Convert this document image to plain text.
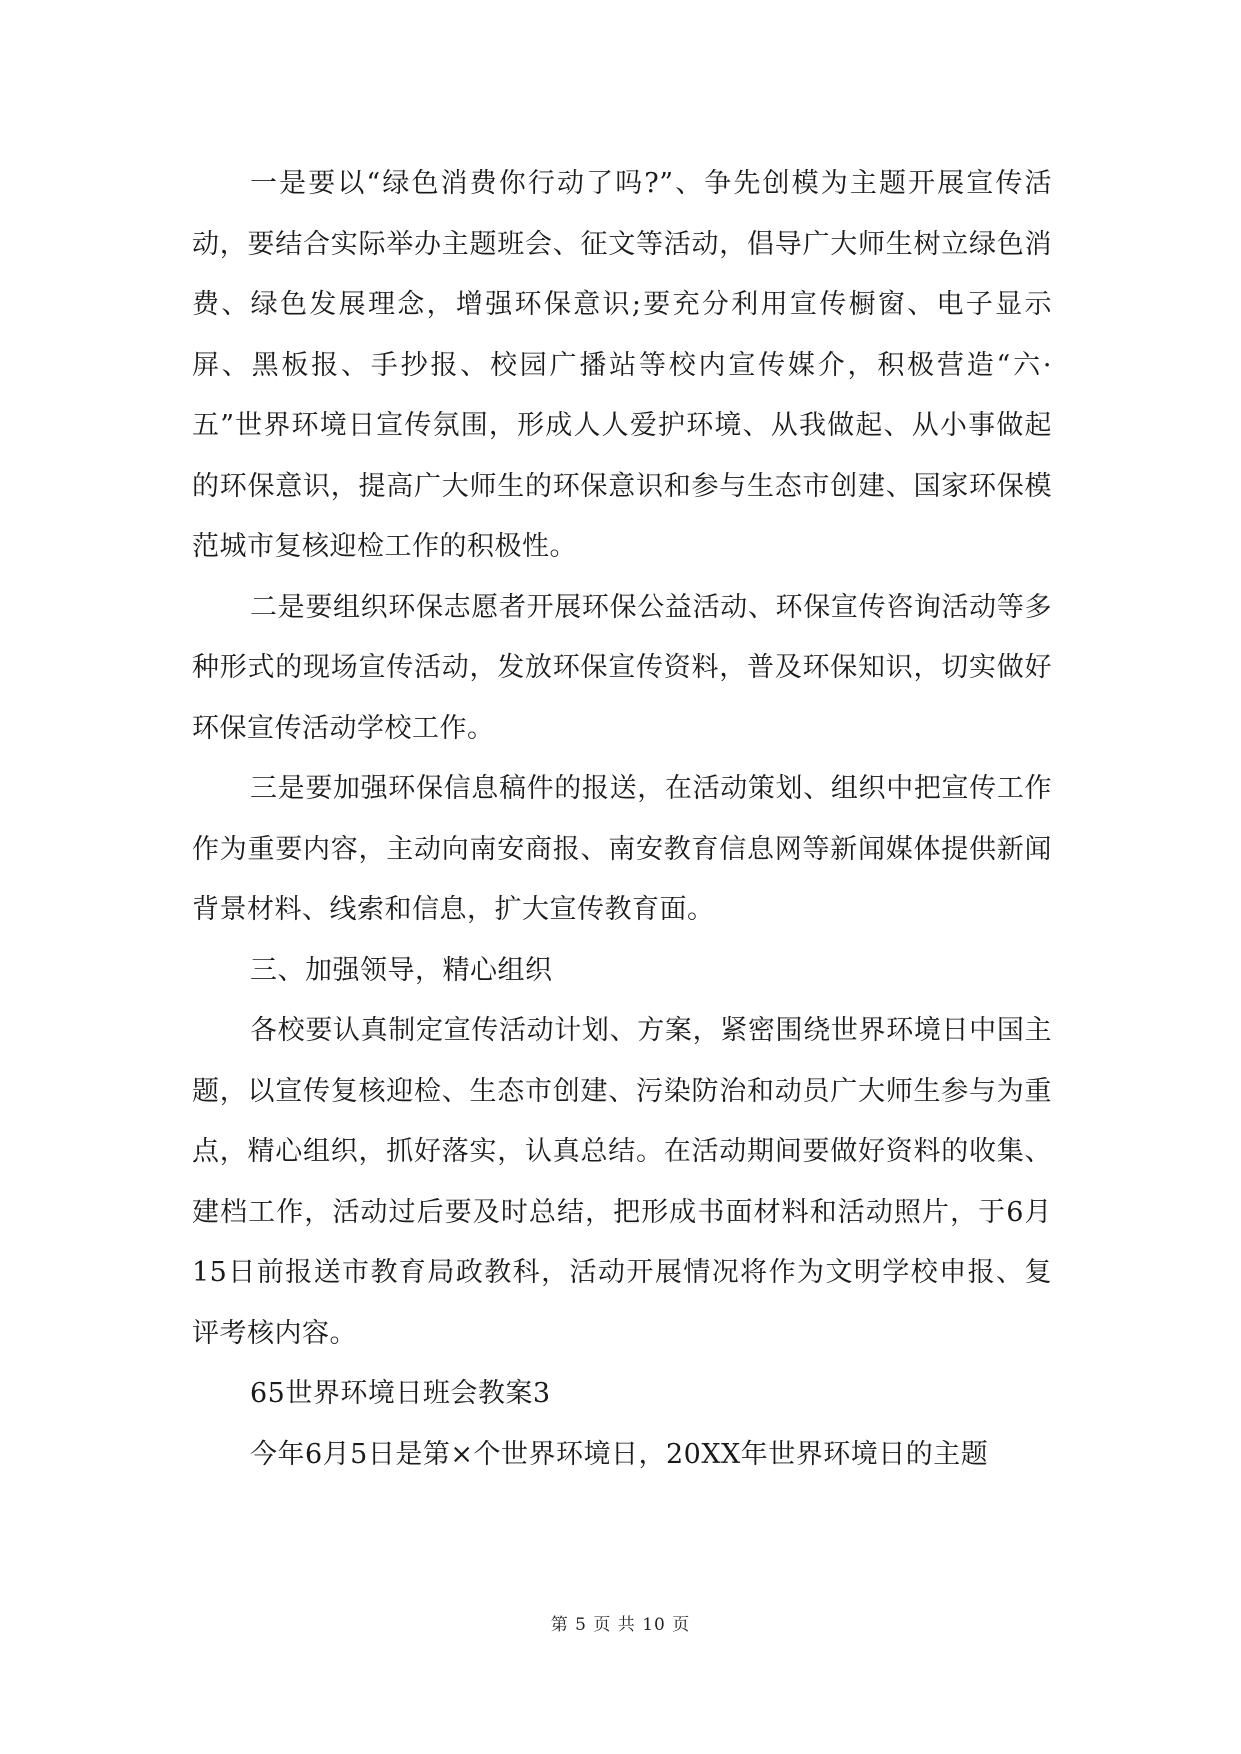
一是要以“绿色消费你行动了吗?”、争先创模为主题开展宣传活动，要结合实际举办主题班会、征文等活动，倡导广大师生树立绿色消费、绿色发展理念，增强环保意识;要充分利用宣传橱窗、电子显示屏、黑板报、手抄报、校园广播站等校内宣传媒介，积极营造“六·五”世界环境日宣传氛围，形成人人爱护环境、从我做起、从小事做起的环保意识，提高广大师生的环保意识和参与生态市创建、国家环保模范城市复核迎检工作的积极性。

二是要组织环保志愿者开展环保公益活动、环保宣传咨询活动等多种形式的现场宣传活动，发放环保宣传资料，普及环保知识，切实做好环保宣传活动学校工作。

三是要加强环保信息稿件的报送，在活动策划、组织中把宣传工作作为重要内容，主动向南安商报、南安教育信息网等新闻媒体提供新闻背景材料、线索和信息，扩大宣传教育面。

三、加强领导，精心组织

各校要认真制定宣传活动计划、方案，紧密围绕世界环境日中国主题，以宣传复核迎检、生态市创建、污染防治和动员广大师生参与为重点，精心组织，抓好落实，认真总结。在活动期间要做好资料的收集、建档工作，活动过后要及时总结，把形成书面材料和活动照片，于6月15日前报送市教育局政教科，活动开展情况将作为文明学校申报、复评考核内容。

65世界环境日班会教案3

今年6月5日是第×个世界环境日，20XX年世界环境日的主题

第 5 页 共 10 页
